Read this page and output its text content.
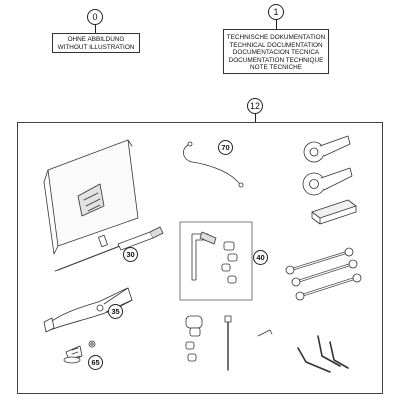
0
OHNE ABBILDUNG
WITHOUT ILLUSTRATION
1
TECHNISCHE DOKUMENTATION
TECHNICAL DOCUMENTATION
DOCUMENTACION TECNICA
DOCUMENTATION TECHNIQUE
NOTE TECNICHE
12
70
30	40
35
65
